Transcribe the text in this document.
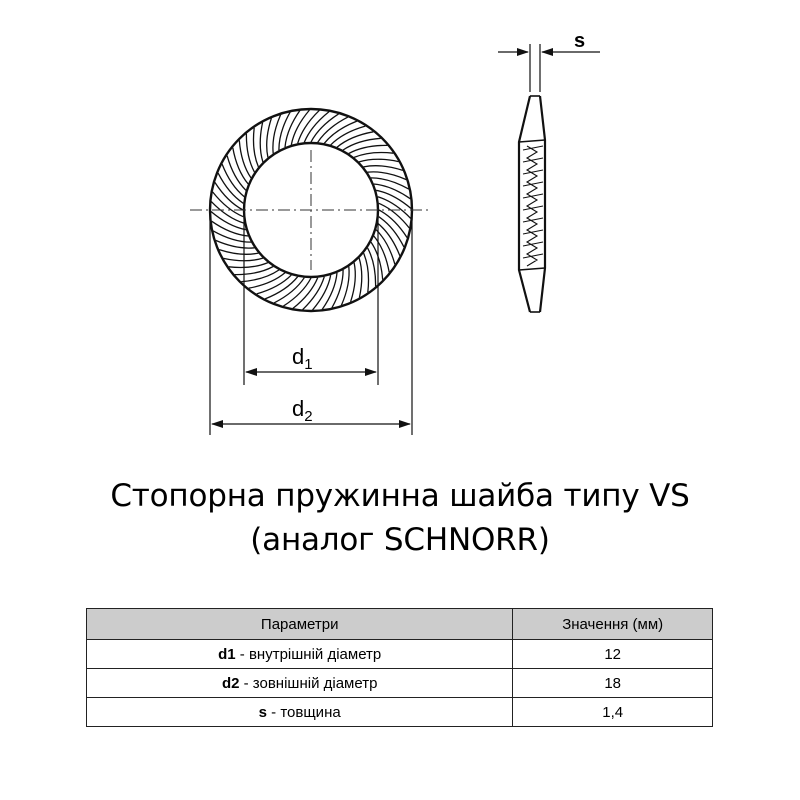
$d_1$
$d_2$
s
Стопорна пружинна шайба типу VS
(аналог SCHNORR)
Параметри	Значення (мм)
d1 - внутрішній діаметр	12
d2 - зовнішній діаметр	18
s - товщина	1,4
